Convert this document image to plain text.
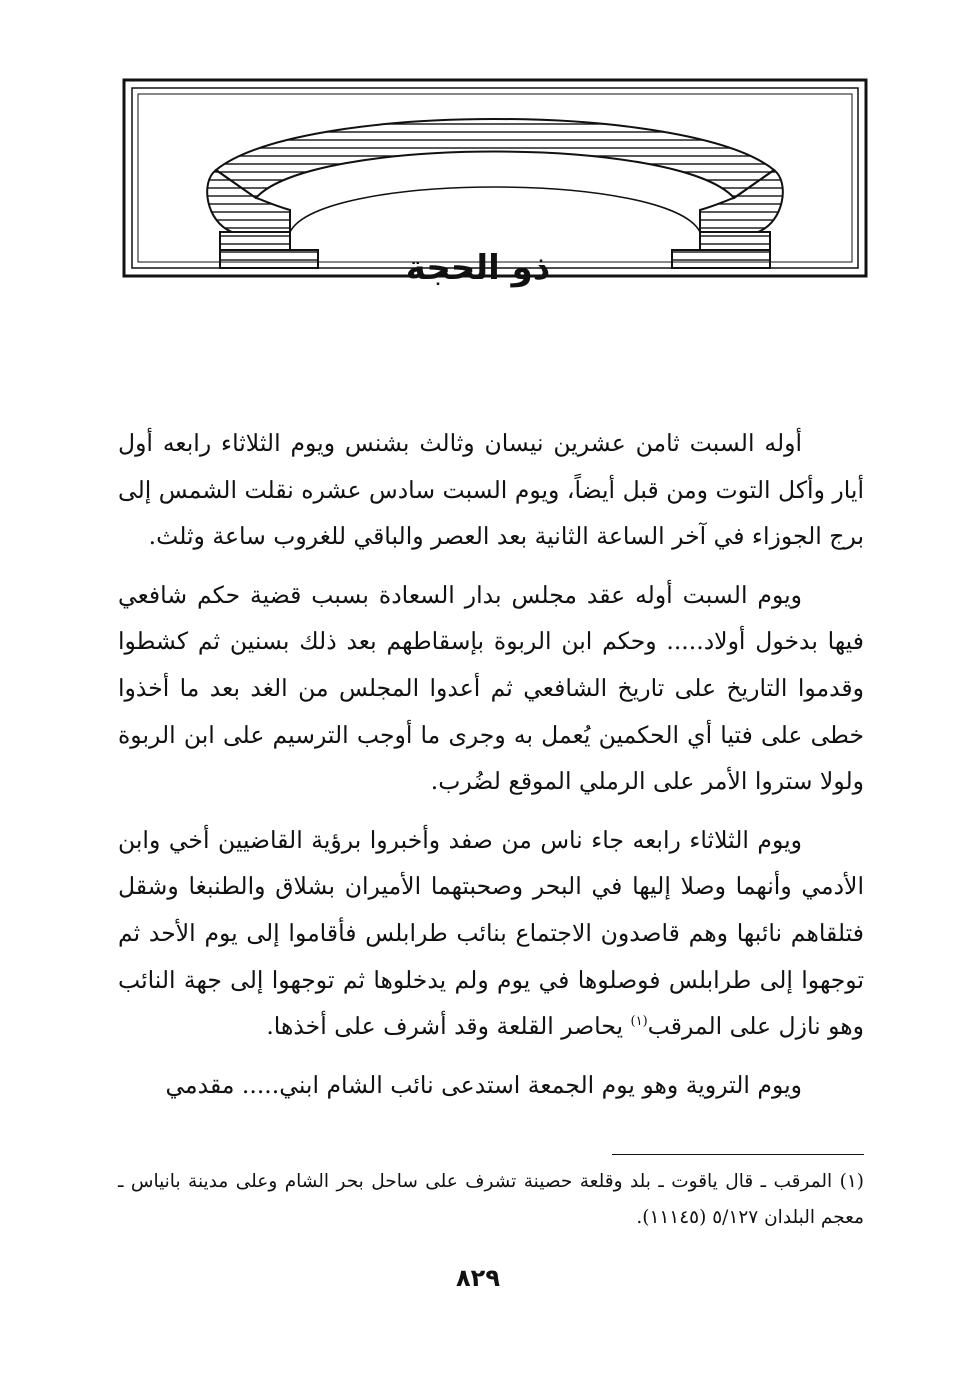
ذو الحجة

أوله السبت ثامن عشرين نيسان وثالث بشنس ويوم الثلاثاء رابعه أول أيار وأكل التوت ومن قبل أيضاً، ويوم السبت سادس عشره نقلت الشمس إلى برج الجوزاء في آخر الساعة الثانية بعد العصر والباقي للغروب ساعة وثلث.

ويوم السبت أوله عقد مجلس بدار السعادة بسبب قضية حكم شافعي فيها بدخول أولاد..... وحكم ابن الربوة بإسقاطهم بعد ذلك بسنين ثم كشطوا وقدموا التاريخ على تاريخ الشافعي ثم أعدوا المجلس من الغد بعد ما أخذوا خطى على فتيا أي الحكمين يُعمل به وجرى ما أوجب الترسيم على ابن الربوة ولولا ستروا الأمر على الرملي الموقع لضُرب.

ويوم الثلاثاء رابعه جاء ناس من صفد وأخبروا برؤية القاضيين أخي وابن الأدمي وأنهما وصلا إليها في البحر وصحبتهما الأميران بشلاق والطنبغا وشقل فتلقاهم نائبها وهم قاصدون الاجتماع بنائب طرابلس فأقاموا إلى يوم الأحد ثم توجهوا إلى طرابلس فوصلوها في يوم ولم يدخلوها ثم توجهوا إلى جهة النائب وهو نازل على المرقب$^{(١)}$ يحاصر القلعة وقد أشرف على أخذها.

ويوم التروية وهو يوم الجمعة استدعى نائب الشام ابني..... مقدمي

(١) المرقب ـ قال ياقوت ـ بلد وقلعة حصينة تشرف على ساحل بحر الشام وعلى مدينة بانياس ـ معجم البلدان ٥/١٢٧ (١١١٤٥).
٨٢٩
